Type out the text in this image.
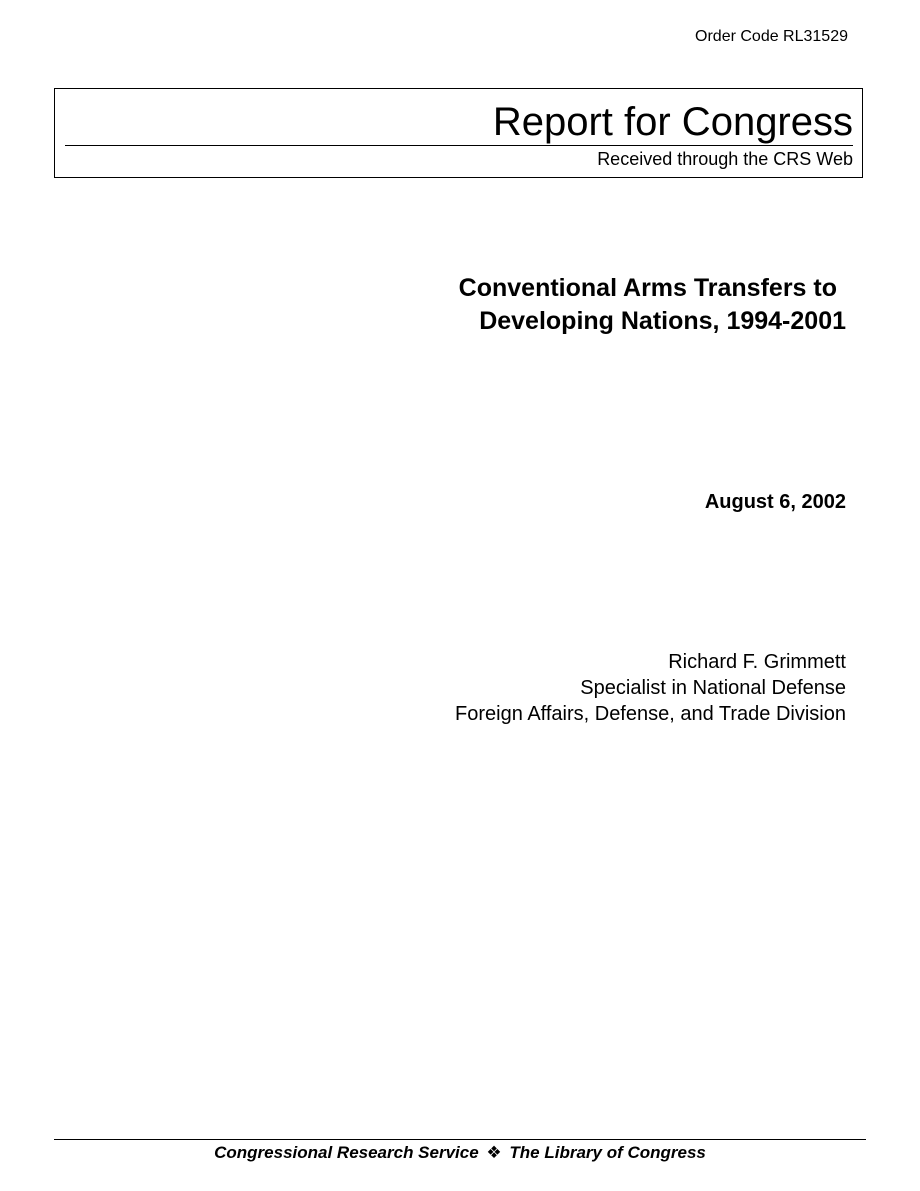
Order Code RL31529
Report for Congress
Received through the CRS Web
Conventional Arms Transfers to
Developing Nations, 1994-2001
August 6, 2002
Richard F. Grimmett
Specialist in National Defense
Foreign Affairs, Defense, and Trade Division
Congressional Research Service ❖ The Library of Congress
